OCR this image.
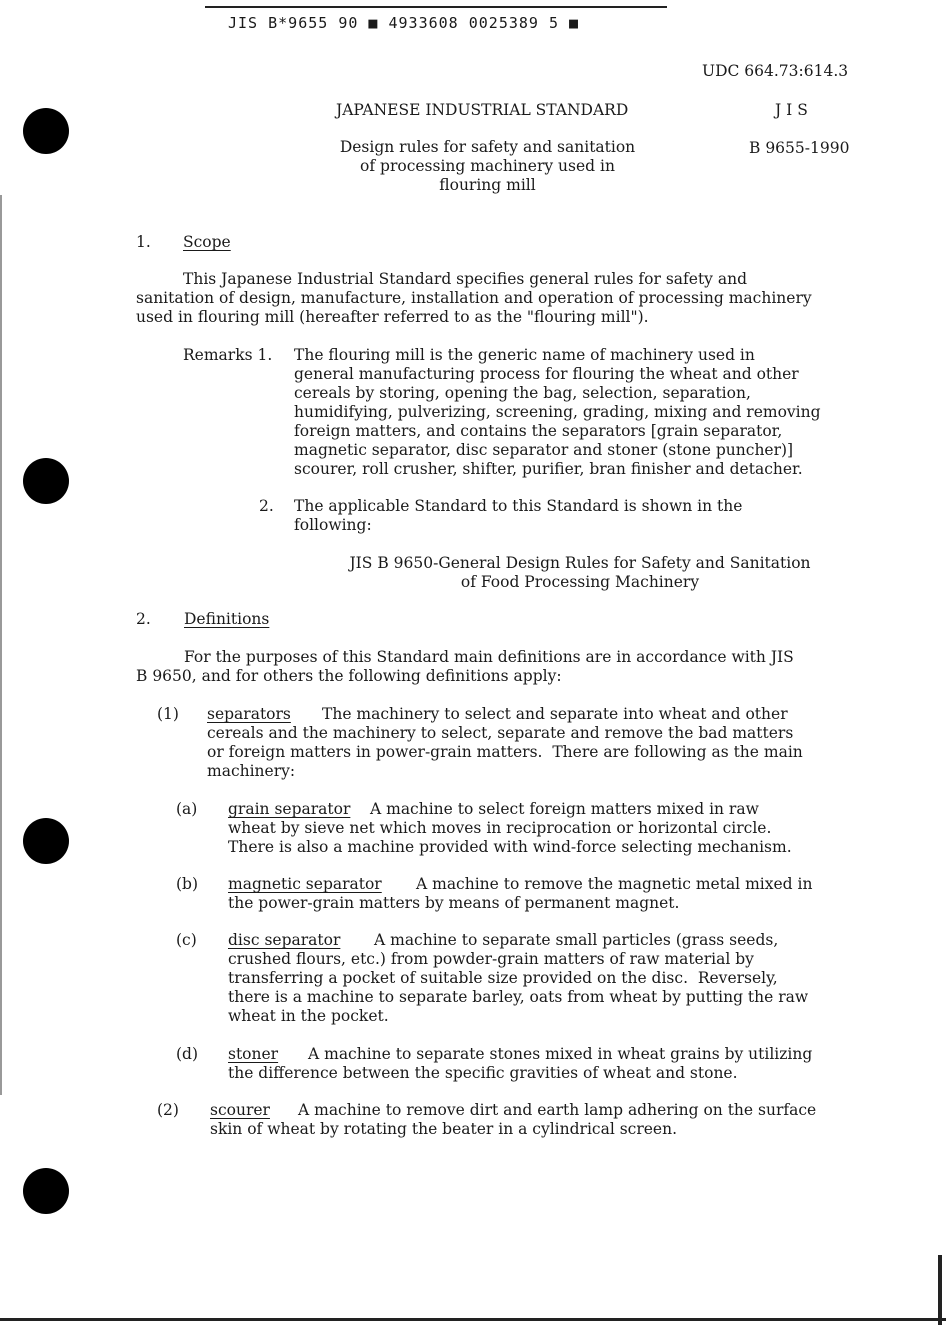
JIS B*9655 90 ■ 4933608 0025389 5 ■
UDC 664.73:614.3
JAPANESE INDUSTRIAL STANDARD	J I S
B 9655-1990
Design rules for safety and sanitation
of processing machinery used in
flouring mill
1. Scope
This Japanese Industrial Standard specifies general rules for safety and
sanitation of design, manufacture, installation and operation of processing machinery
used in flouring mill (hereafter referred to as the "flouring mill").
Remarks 1. The flouring mill is the generic name of machinery used in
general manufacturing process for flouring the wheat and other
cereals by storing, opening the bag, selection, separation,
humidifying, pulverizing, screening, grading, mixing and removing
foreign matters, and contains the separators [grain separator,
magnetic separator, disc separator and stoner (stone puncher)]
scourer, roll crusher, shifter, purifier, bran finisher and detacher.
2. The applicable Standard to this Standard is shown in the
following:
JIS B 9650-General Design Rules for Safety and Sanitation
of Food Processing Machinery
2. Definitions
For the purposes of this Standard main definitions are in accordance with JIS
B 9650, and for others the following definitions apply:
(1) separators The machinery to select and separate into wheat and other
cereals and the machinery to select, separate and remove the bad matters
or foreign matters in power-grain matters.  There are following as the main
machinery:
(a) grain separator A machine to select foreign matters mixed in raw
wheat by sieve net which moves in reciprocation or horizontal circle.
There is also a machine provided with wind-force selecting mechanism.
(b) magnetic separator A machine to remove the magnetic metal mixed in
the power-grain matters by means of permanent magnet.
(c) disc separator A machine to separate small particles (grass seeds,
crushed flours, etc.) from powder-grain matters of raw material by
transferring a pocket of suitable size provided on the disc.  Reversely,
there is a machine to separate barley, oats from wheat by putting the raw
wheat in the pocket.
(d) stoner A machine to separate stones mixed in wheat grains by utilizing
the difference between the specific gravities of wheat and stone.
(2) scourer A machine to remove dirt and earth lamp adhering on the surface
skin of wheat by rotating the beater in a cylindrical screen.
